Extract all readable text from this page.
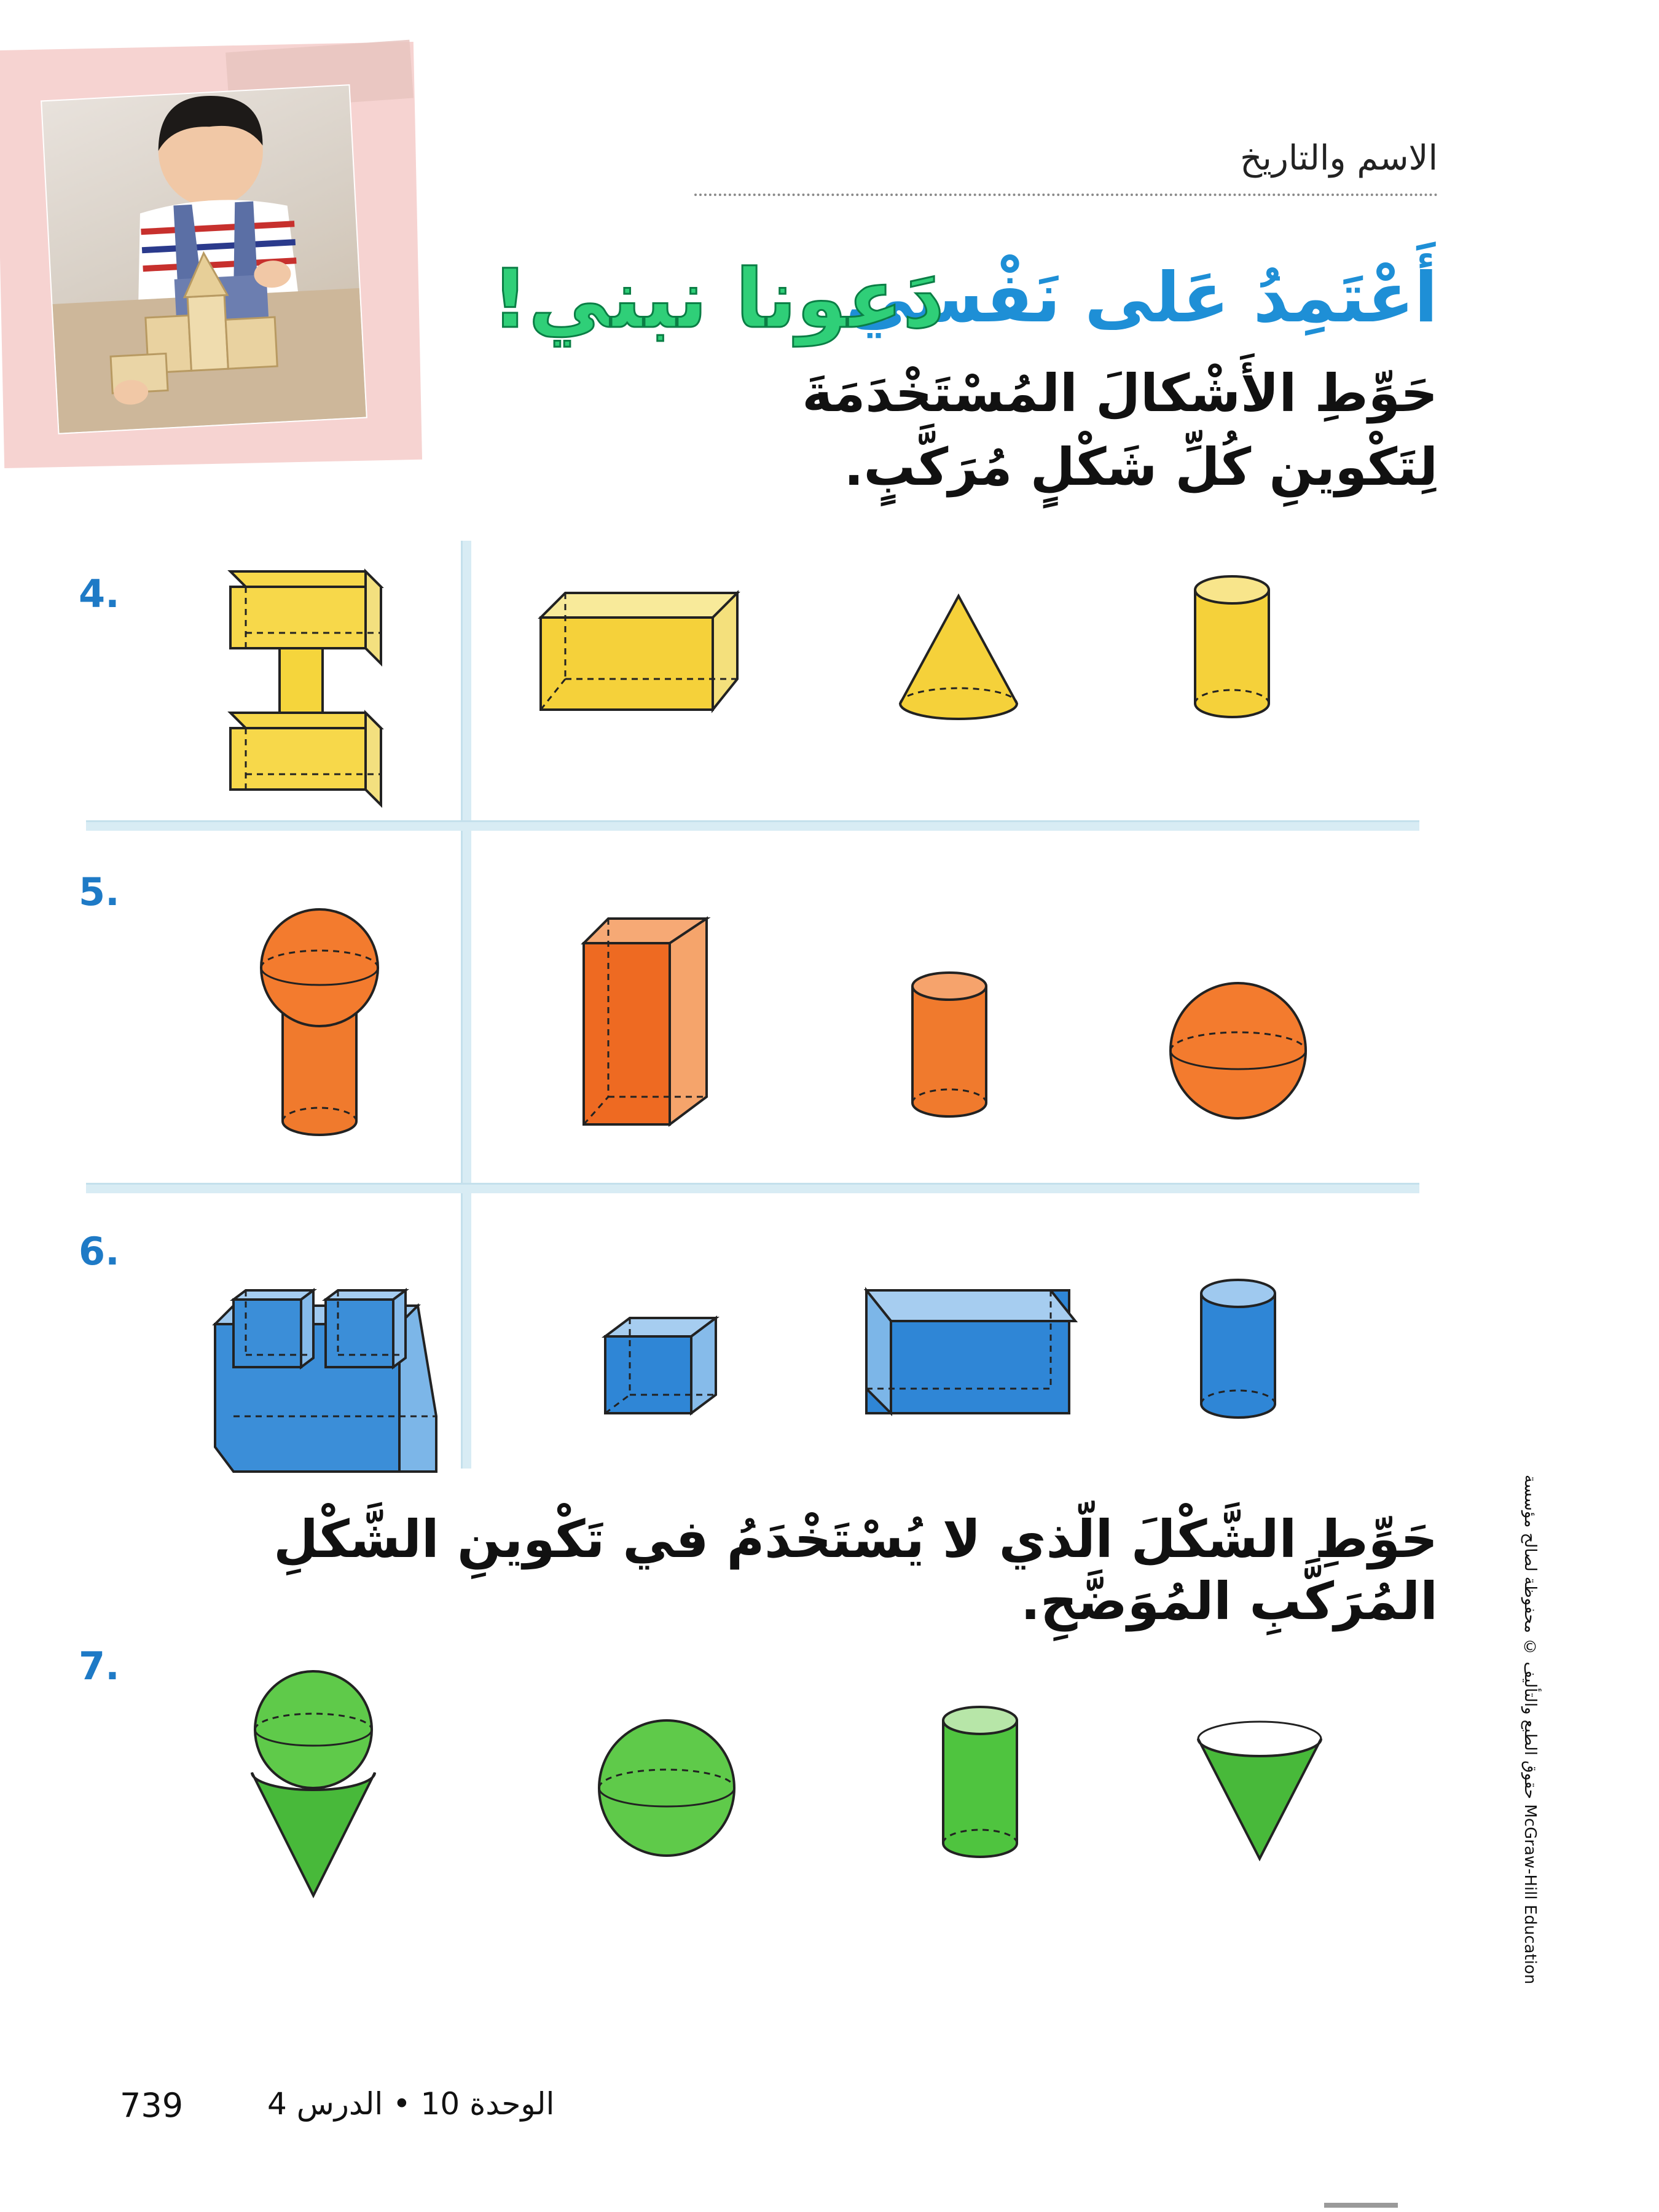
الاسم والتاريخ
أَعْتَمِدُ عَلى نَفْسي
دَعونا نبني!
حَوِّطِ الأَشْكالَ المُسْتَخْدَمَةَ
لِتَكْوينِ كُلِّ شَكْلٍ مُرَكَّبٍ.
4.
5.
6.
7.
حَوِّطِ الشَّكْلَ الّذي لا يُسْتَخْدَمُ في تَكْوينِ الشَّكْلِ المُرَكَّبِ المُوَضَّحِ.	حقوق الطبع والتأليف © محفوظة لصالح مؤسسة McGraw-Hill Education
739	الوحدة 10 • الدرس 4
